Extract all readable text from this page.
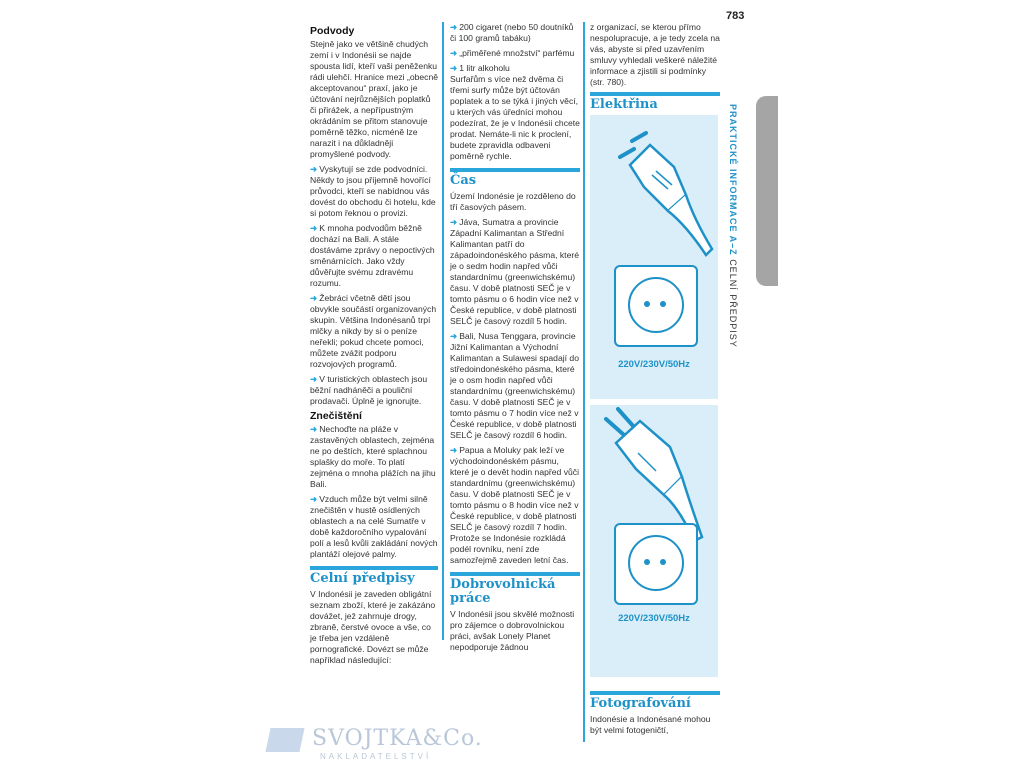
783
Podvody

Stejně jako ve většině chudých zemí i v Indonésii se najde spousta lidí, kteří vaši peněženku rádi ulehčí. Hranice mezi „obecně akceptovanou“ praxí, jako je účtování nejrůznějších poplatků či přirážek, a nepřípustným okrádáním se přitom stanovuje poměrně těžko, nicméně lze narazit i na důkladněji promyšlené podvody.

➜ Vyskytují se zde podvodníci. Někdy to jsou příjemně hovořící průvodci, kteří se nabídnou vás dovést do obchodu či hotelu, kde si potom řeknou o provizi.
➜ K mnoha podvodům běžně dochází na Bali. A stále dostáváme zprávy o nepoctivých směnárnících. Jako vždy důvěřujte svému zdravému rozumu.
➜ Žebráci včetně dětí jsou obvykle součástí organizovaných skupin. Většina Indonésanů trpí mlčky a nikdy by si o peníze neřekli; pokud chcete pomoci, můžete zvážit podporu rozvojových programů.
➜ V turistických oblastech jsou běžní nadháněči a pouliční prodavači. Úplně je ignorujte.
Znečištění
➜ Nechoďte na pláže v zastavěných oblastech, zejména ne po deštích, které splachnou splašky do moře. To platí zejména o mnoha plážích na jihu Bali.
➜ Vzduch může být velmi silně znečištěn v hustě osídlených oblastech a na celé Sumatře v době každoročního vypalování polí a lesů kvůli zakládání nových plantáží olejové palmy.
Celní předpisy

V Indonésii je zaveden obligátní seznam zboží, které je zakázáno dovážet, jež zahrnuje drogy, zbraně, čerstvé ovoce a vše, co je třeba jen vzdáleně pornografické. Dovézt se může například následující:

➜ 200 cigaret (nebo 50 doutníků či 100 gramů tabáku)
➜ „přiměřené množství“ parfému
➜ 1 litr alkoholu

Surfařům s více než dvěma či třemi surfy může být účtován poplatek a to se týká i jiných věcí, u kterých vás úředníci mohou podezírat, že je v Indonésii chcete prodat. Nemáte-li nic k proclení, budete zpravidla odbaveni poměrně rychle.

Čas

Území Indonésie je rozděleno do tří časových pásem.

➜ Jáva, Sumatra a provincie Západní Kalimantan a Střední Kalimantan patří do západoindonéského pásma, které je o sedm hodin napřed vůči standardnímu (greenwichskému) času. V době platnosti SEČ je v tomto pásmu o 6 hodin více než v České republice, v době platnosti SELČ je časový rozdíl 5 hodin.
➜ Bali, Nusa Tenggara, provincie Jižní Kalimantan a Východní Kalimantan a Sulawesi spadají do středoindonéského pásma, které je o osm hodin napřed vůči standardnímu (greenwichskému) času. V době platnosti SEČ je v tomto pásmu o 7 hodin více než v České republice, v době platnosti SELČ je časový rozdíl 6 hodin.
➜ Papua a Moluky pak leží ve východoindonéském pásmu, které je o devět hodin napřed vůči standardnímu (greenwichskému) času. V době platnosti SEČ je v tomto pásmu o 8 hodin více než v České republice, v době platnosti SELČ je časový rozdíl 7 hodin. Protože se Indonésie rozkládá podél rovníku, není zde samozřejmě zaveden letní čas.
Dobrovolnická práce

V Indonésii jsou skvělé možnosti pro zájemce o dobrovolnickou práci, avšak Lonely Planet nepodporuje žádnou

z organizací, se kterou přímo nespolupracuje, a je tedy zcela na vás, abyste si před uzavřením smluvy vyhledali veškeré náležité informace a zjistili si podmínky (str. 780).

Elektřina
220V/230V/50Hz
220V/230V/50Hz
Fotografování

Indonésie a Indonésané mohou být velmi fotogeničtí,

PRAKTICKÉ INFORMACE A–Z CELNÍ PŘEDPISY
SVOJTKA&Co.
NAKLADATELSTVÍ
